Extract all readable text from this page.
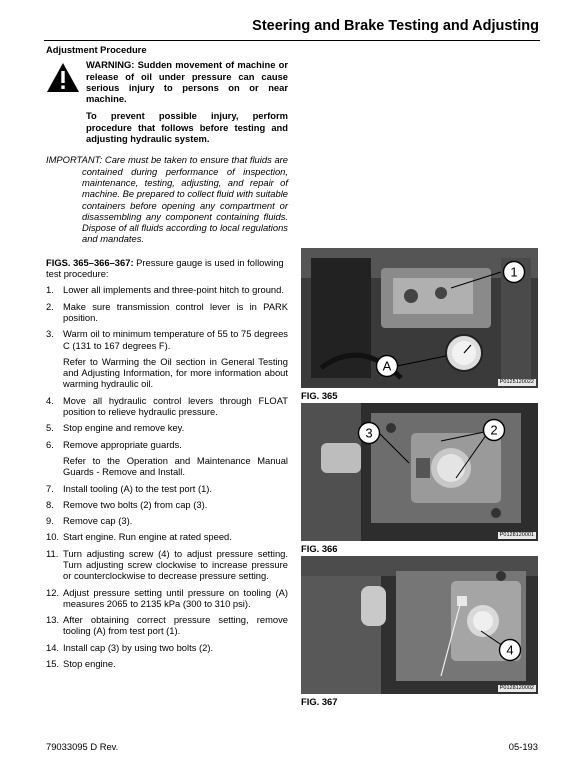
Steering and Brake Testing and Adjusting
Adjustment Procedure

WARNING: Sudden movement of machine or release of oil under pressure can cause serious injury to persons on or near machine.

To prevent possible injury, perform procedure that follows before testing and adjusting hydraulic system.

IMPORTANT: Care must be taken to ensure that fluids are contained during performance of inspection, maintenance, testing, adjusting, and repair of machine. Be prepared to collect fluid with suitable containers before opening any compartment or disassembling any component containing fluids. Dispose of all fluids according to local regulations and mandates.
FIGS. 365–366–367: Pressure gauge is used in following test procedure:
1. Lower all implements and three-point hitch to ground.
2. Make sure transmission control lever is in PARK position.
3. Warm oil to minimum temperature of 55 to 75 degrees C (131 to 167 degrees F).
Refer to Warming the Oil section in General Testing and Adjusting Information, for more information about warming hydraulic oil.
4. Move all hydraulic control levers through FLOAT position to relieve hydraulic pressure.
5. Stop engine and remove key.
6. Remove appropriate guards.
Refer to the Operation and Maintenance Manual Guards - Remove and Install.
7. Install tooling (A) to the test port (1).
8. Remove two bolts (2) from cap (3).
9. Remove cap (3).
10. Start engine. Run engine at rated speed.
11. Turn adjusting screw (4) to adjust pressure setting. Turn adjusting screw clockwise to increase pressure or counterclockwise to decrease pressure setting.
12. Adjust pressure setting until pressure on tooling (A) measures 2065 to 2135 kPa (300 to 310 psi).
13. After obtaining correct pressure setting, remove tooling (A) from test port (1).
14. Install cap (3) by using two bolts (2).
15. Stop engine.
1
A
P0125120022
FIG. 365
3	2
P0128120001
FIG. 366
4
P0128120002
FIG. 367
79033095 D Rev.	05-193
